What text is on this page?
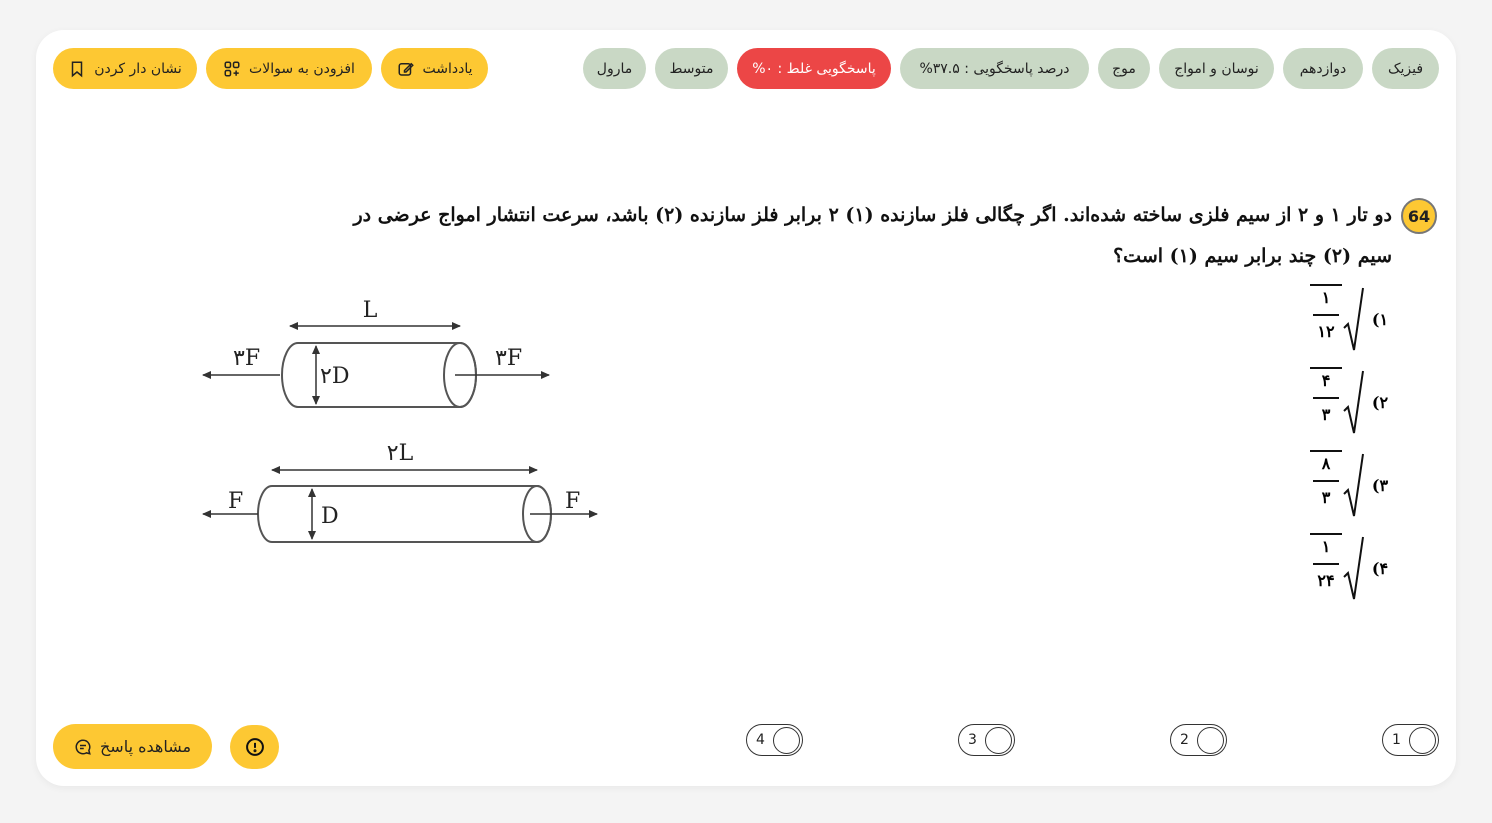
فیزیک
دوازدهم
نوسان و امواج
موج
درصد پاسخگویی : ۳۷.۵%
پاسخگویی غلط : ۰%
متوسط
مارول
یادداشت
افزودن به سوالات
نشان دار کردن
64
دو تار ۱ و ۲ از سیم فلزی ساخته شده‌اند. اگر چگالی فلز سازنده (۱) ۲ برابر فلز سازنده (۲) باشد، سرعت انتشار امواج عرضی در
سیم (۲) چند برابر سیم (۱) است؟
۱)
$\frac{۱}{۱۲}$
۲)
$\frac{۴}{۳}$
۳)
$\frac{۸}{۳}$
۴)
$\frac{۱}{۲۴}$
L
۲D
۳F	۳F
۲L
D
F	F
1
2
3
4
مشاهده پاسخ
